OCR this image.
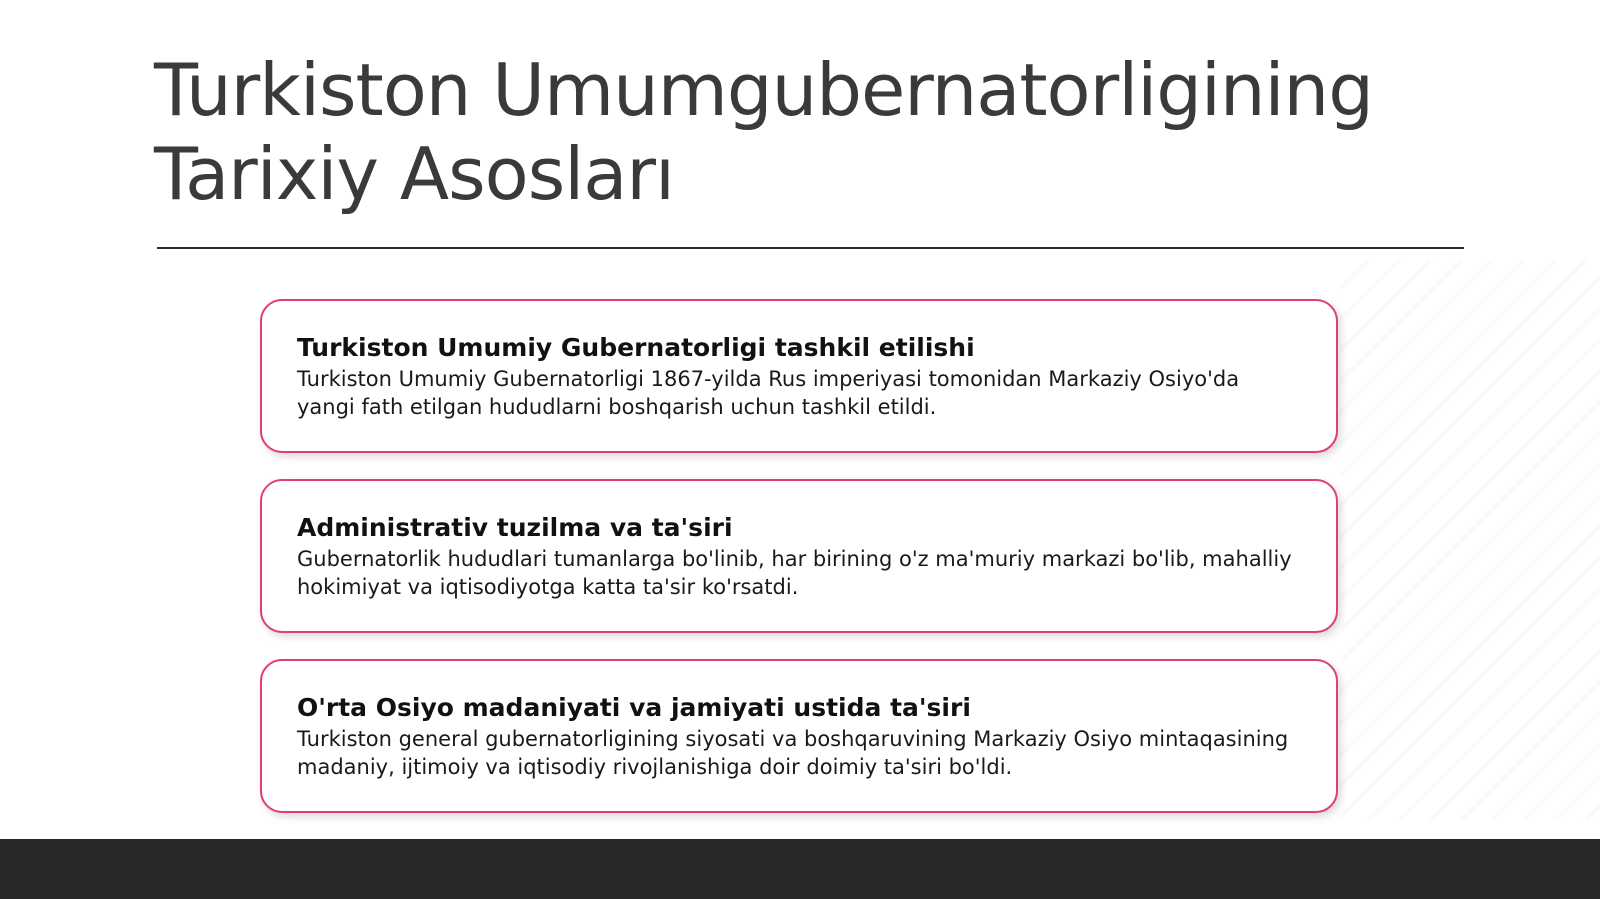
Turkiston Umumgubernatorligining
Tarixiy Asosları

Turkiston Umumiy Gubernatorligi tashkil etilishi

Turkiston Umumiy Gubernatorligi 1867-yilda Rus imperiyasi tomonidan Markaziy Osiyo'da yangi fath etilgan hududlarni boshqarish uchun tashkil etildi.

Administrativ tuzilma va ta'siri

Gubernatorlik hududlari tumanlarga bo'linib, har birining o'z ma'muriy markazi bo'lib, mahalliy hokimiyat va iqtisodiyotga katta ta'sir ko'rsatdi.

O'rta Osiyo madaniyati va jamiyati ustida ta'siri

Turkiston general gubernatorligining siyosati va boshqaruvining Markaziy Osiyo mintaqasining madaniy, ijtimoiy va iqtisodiy rivojlanishiga doir doimiy ta'siri bo'ldi.
